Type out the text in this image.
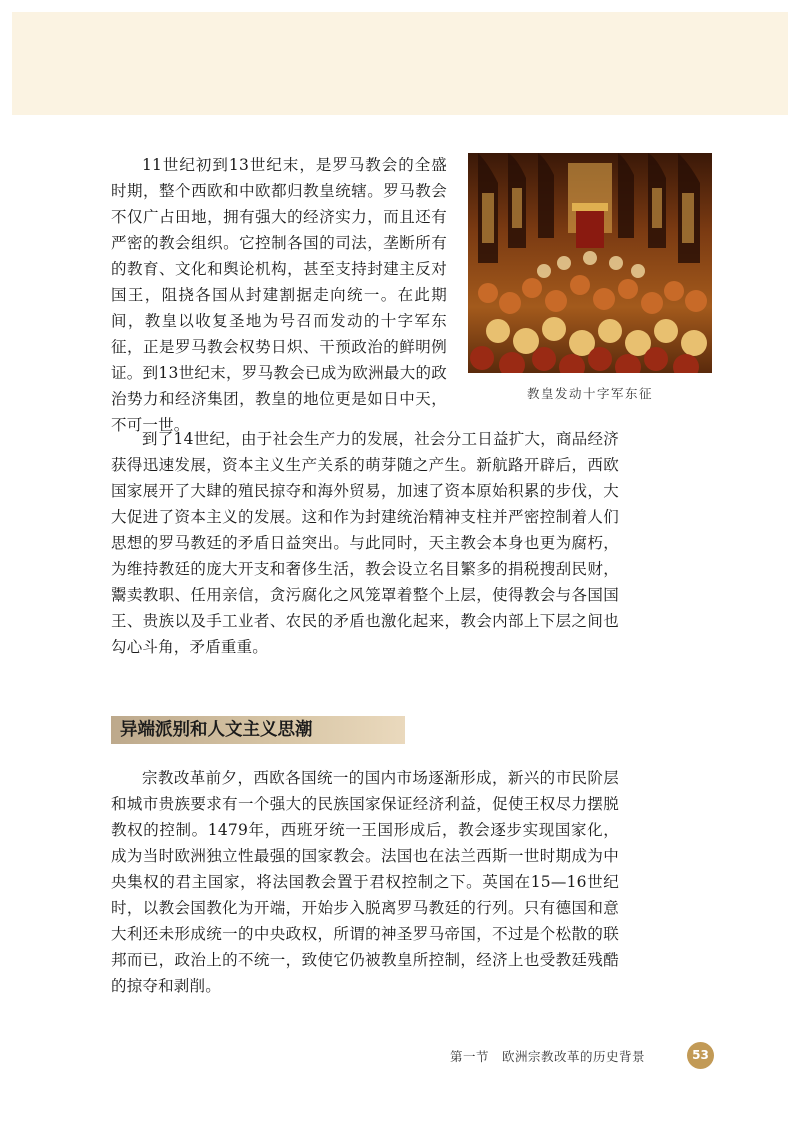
11世纪初到13世纪末，是罗马教会的全盛时期，整个西欧和中欧都归教皇统辖。罗马教会不仅广占田地，拥有强大的经济实力，而且还有严密的教会组织。它控制各国的司法，垄断所有的教育、文化和舆论机构，甚至支持封建主反对国王，阻挠各国从封建割据走向统一。在此期间，教皇以收复圣地为号召而发动的十字军东征，正是罗马教会权势日炽、干预政治的鲜明例证。到13世纪末，罗马教会已成为欧洲最大的政治势力和经济集团，教皇的地位更是如日中天，不可一世。

教皇发动十字军东征

到了14世纪，由于社会生产力的发展，社会分工日益扩大，商品经济获得迅速发展，资本主义生产关系的萌芽随之产生。新航路开辟后，西欧国家展开了大肆的殖民掠夺和海外贸易，加速了资本原始积累的步伐，大大促进了资本主义的发展。这和作为封建统治精神支柱并严密控制着人们思想的罗马教廷的矛盾日益突出。与此同时，天主教会本身也更为腐朽，为维持教廷的庞大开支和奢侈生活，教会设立名目繁多的捐税搜刮民财，鬻卖教职、任用亲信，贪污腐化之风笼罩着整个上层，使得教会与各国国王、贵族以及手工业者、农民的矛盾也激化起来，教会内部上下层之间也勾心斗角，矛盾重重。

异端派别和人文主义思潮

宗教改革前夕，西欧各国统一的国内市场逐渐形成，新兴的市民阶层和城市贵族要求有一个强大的民族国家保证经济利益，促使王权尽力摆脱教权的控制。1479年，西班牙统一王国形成后，教会逐步实现国家化，成为当时欧洲独立性最强的国家教会。法国也在法兰西斯一世时期成为中央集权的君主国家，将法国教会置于君权控制之下。英国在15—16世纪时，以教会国教化为开端，开始步入脱离罗马教廷的行列。只有德国和意大利还未形成统一的中央政权，所谓的神圣罗马帝国，不过是个松散的联邦而已，政治上的不统一，致使它仍被教皇所控制，经济上也受教廷残酷的掠夺和剥削。

第一节　欧洲宗教改革的历史背景	53
